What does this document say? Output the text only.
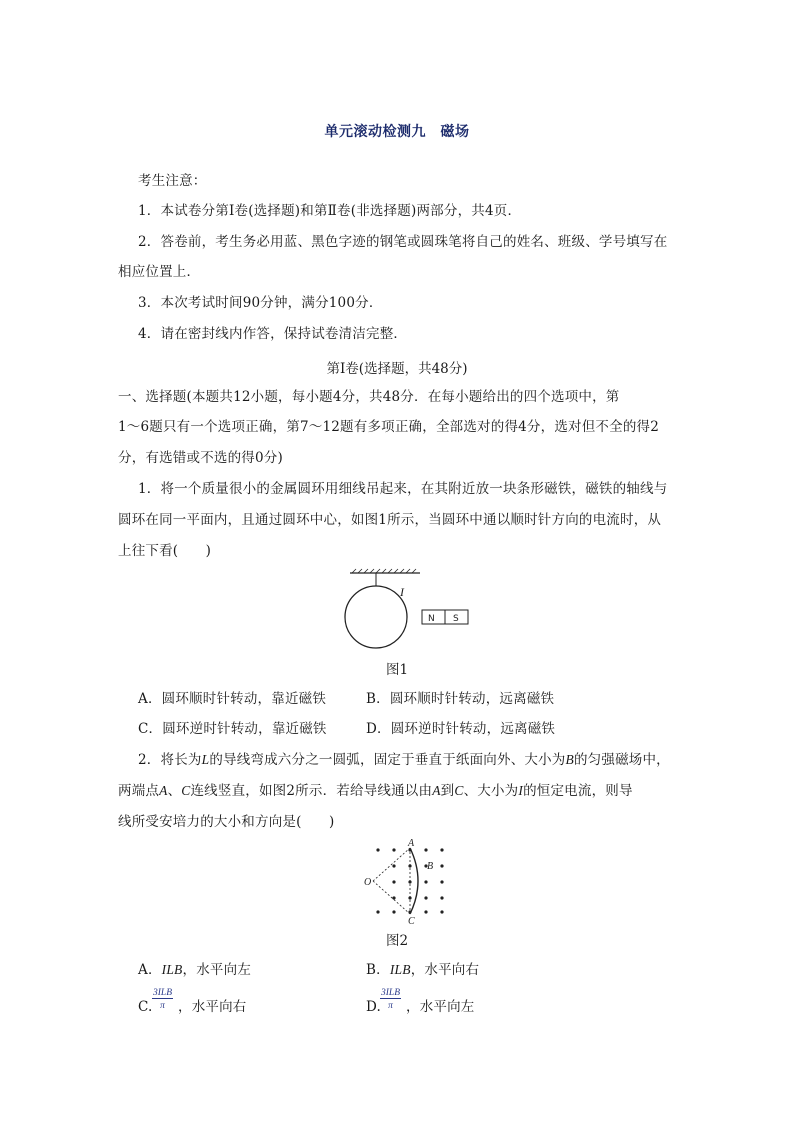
单元滚动检测九　磁场
考生注意：
1．本试卷分第Ⅰ卷(选择题)和第Ⅱ卷(非选择题)两部分，共4页．
2．答卷前，考生务必用蓝、黑色字迹的钢笔或圆珠笔将自己的姓名、班级、学号填写在
相应位置上．
3．本次考试时间90分钟，满分100分．
4．请在密封线内作答，保持试卷清洁完整．
第Ⅰ卷(选择题，共48分)
一、选择题(本题共12小题，每小题4分，共48分．在每小题给出的四个选项中，第
1～6题只有一个选项正确，第7～12题有多项正确，全部选对的得4分，选对但不全的得2
分，有选错或不选的得0分)
1．将一个质量很小的金属圆环用细线吊起来，在其附近放一块条形磁铁，磁铁的轴线与
圆环在同一平面内，且通过圆环中心，如图1所示，当圆环中通以顺时针方向的电流时，从
上往下看(　　)
I
N S
图1
A．圆环顺时针转动，靠近磁铁	B．圆环顺时针转动，远离磁铁
C．圆环逆时针转动，靠近磁铁	D．圆环逆时针转动，远离磁铁
2．将长为L的导线弯成六分之一圆弧，固定于垂直于纸面向外、大小为B的匀强磁场中，
两端点A、C连线竖直，如图2所示．若给导线通以由A到C、大小为I的恒定电流，则导
线所受安培力的大小和方向是(　　)
A
B
C
O
图2
A．ILB，水平向左	B．ILB，水平向右
C.
3ILB
π ，水平向右	D.
3ILB
π ，水平向左
